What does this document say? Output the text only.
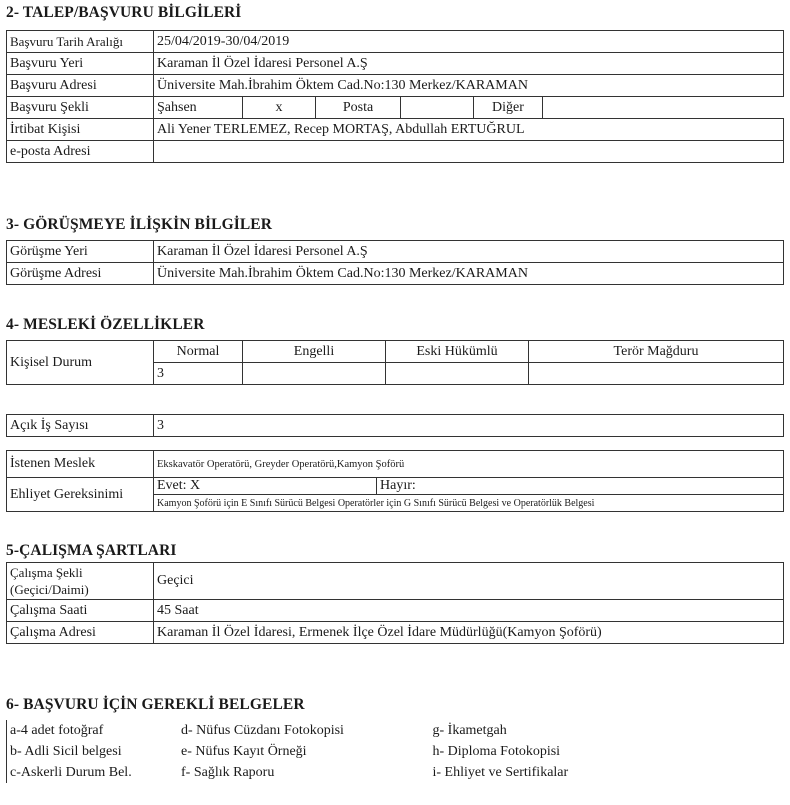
2- TALEP/BAŞVURU BİLGİLERİ
Başvuru Tarih Aralığı	25/04/2019-30/04/2019					
Başvuru Yeri	Karaman İl Özel İdaresi Personel A.Ş					
Başvuru Adresi	Üniversite Mah.İbrahim Öktem Cad.No:130 Merkez/KARAMAN					
Başvuru Şekli	Şahsen	x	Posta		Diğer	
İrtibat Kişisi	Ali Yener TERLEMEZ, Recep MORTAŞ, Abdullah ERTUĞRUL					
e-posta Adresi						
3- GÖRÜŞMEYE İLİŞKİN BİLGİLER
Görüşme Yeri	Karaman İl Özel İdaresi Personel A.Ş
Görüşme Adresi	Üniversite Mah.İbrahim Öktem Cad.No:130 Merkez/KARAMAN
4- MESLEKİ ÖZELLİKLER
Kişisel Durum	Normal	Engelli	Eski Hükümlü	Terör Mağduru
	3			
Açık İş Sayısı	3
İstenen Meslek	Ekskavatör Operatörü, Greyder Operatörü,Kamyon Şoförü	
Ehliyet Gereksinimi	Evet: X	Hayır:
	Kamyon Şoförü için E Sınıfı Sürücü Belgesi Operatörler için G Sınıfı Sürücü Belgesi ve Operatörlük Belgesi	
5-ÇALIŞMA ŞARTLARI
Çalışma Şekli (Geçici/Daimi)	Geçici
Çalışma Saati	45 Saat
Çalışma Adresi	Karaman İl Özel İdaresi, Ermenek İlçe Özel İdare Müdürlüğü(Kamyon Şoförü)
6- BAŞVURU İÇİN GEREKLİ BELGELER
a-4 adet fotoğraf	d- Nüfus Cüzdanı Fotokopisi	g- İkametgah
b- Adli Sicil belgesi	e- Nüfus Kayıt Örneği	h- Diploma Fotokopisi
c-Askerli Durum Bel.	f- Sağlık Raporu	i- Ehliyet ve Sertifikalar
